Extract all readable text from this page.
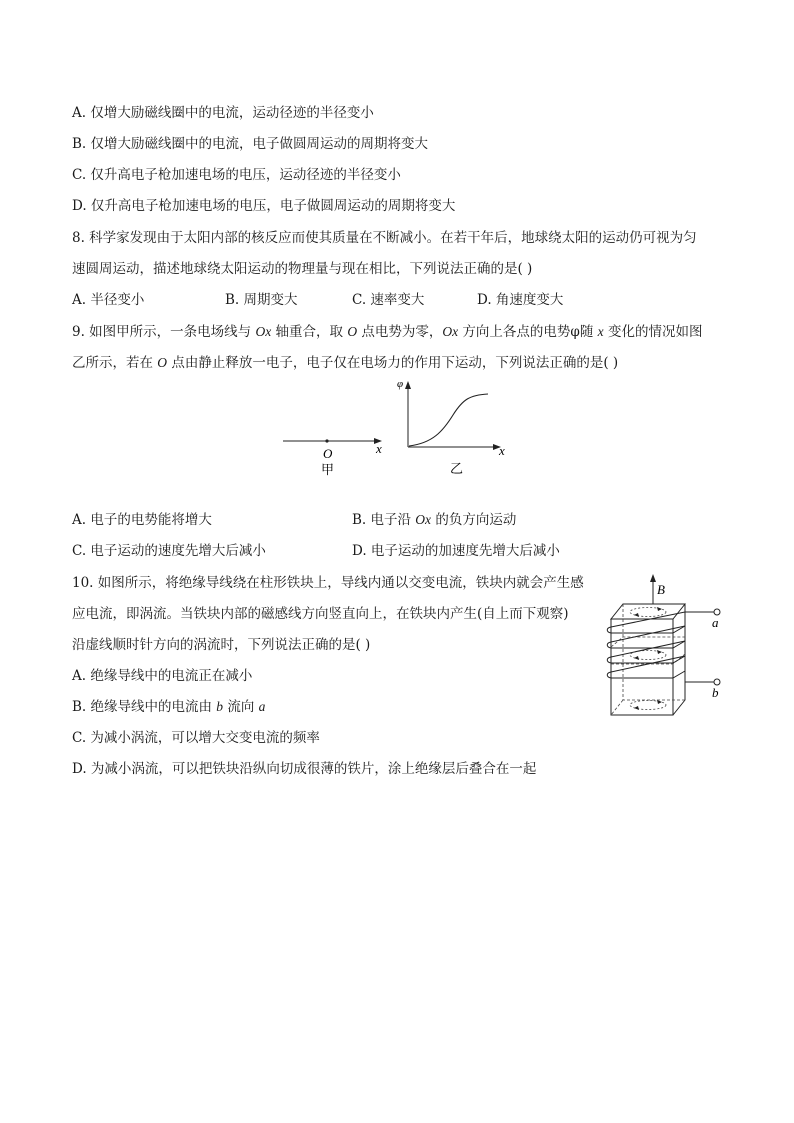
A. 仅增大励磁线圈中的电流，运动径迹的半径变小
B. 仅增大励磁线圈中的电流，电子做圆周运动的周期将变大
C. 仅升高电子枪加速电场的电压，运动径迹的半径变小
D. 仅升高电子枪加速电场的电压，电子做圆周运动的周期将变大
8. 科学家发现由于太阳内部的核反应而使其质量在不断减小。在若干年后，地球绕太阳的运动仍可视为匀
速圆周运动，描述地球绕太阳运动的物理量与现在相比，下列说法正确的是( )
A. 半径变小	B. 周期变大	C. 速率变大	D. 角速度变大
9. 如图甲所示，一条电场线与 Ox 轴重合，取 O 点电势为零，Ox 方向上各点的电势φ随 x 变化的情况如图
乙所示，若在 O 点由静止释放一电子，电子仅在电场力的作用下运动，下列说法正确的是( )
O	x
甲
φ
x
乙
A. 电子的电势能将增大	B. 电子沿 Ox 的负方向运动
C. 电子运动的速度先增大后减小	D. 电子运动的加速度先增大后减小
10. 如图所示，将绝缘导线绕在柱形铁块上，导线内通以交变电流，铁块内就会产生感
应电流，即涡流。当铁块内部的磁感线方向竖直向上，在铁块内产生(自上而下观察)
沿虚线顺时针方向的涡流时，下列说法正确的是( )
A. 绝缘导线中的电流正在减小
B. 绝缘导线中的电流由 b 流向 a
C. 为减小涡流，可以增大交变电流的频率
D. 为减小涡流，可以把铁块沿纵向切成很薄的铁片，涂上绝缘层后叠合在一起
B
a
b
